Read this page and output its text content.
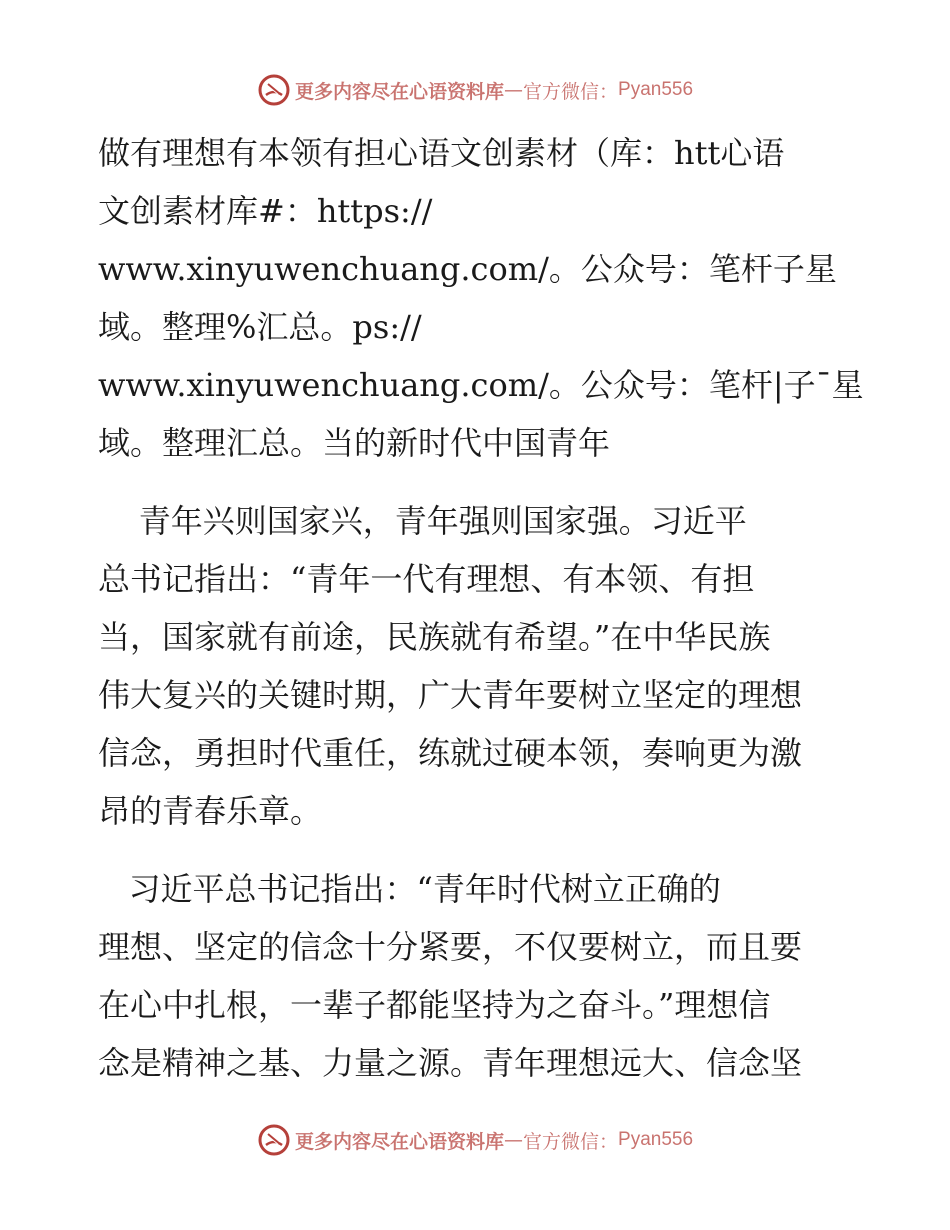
更多内容尽在心语资料库 — 官方微信 ： Pyan556
做有理想有本领有担心语文创素材（库：htt心语
文创素材库#：https://
www.xinyuwenchuang.com/。公众号：笔杆子星
域。整理%汇总。ps://
www.xinyuwenchuang.com/。公众号：笔杆|子¯星
域。整理汇总。当的新时代中国青年
青年兴则国家兴，青年强则国家强。习近平
总书记指出：“青年一代有理想、有本领、有担
当，国家就有前途，民族就有希望。”在中华民族
伟大复兴的关键时期，广大青年要树立坚定的理想
信念，勇担时代重任，练就过硬本领，奏响更为激
昂的青春乐章。
习近平总书记指出：“青年时代树立正确的
理想、坚定的信念十分紧要，不仅要树立，而且要
在心中扎根，一辈子都能坚持为之奋斗。”理想信
念是精神之基、力量之源。青年理想远大、信念坚
更多内容尽在心语资料库 — 官方微信 ： Pyan556
